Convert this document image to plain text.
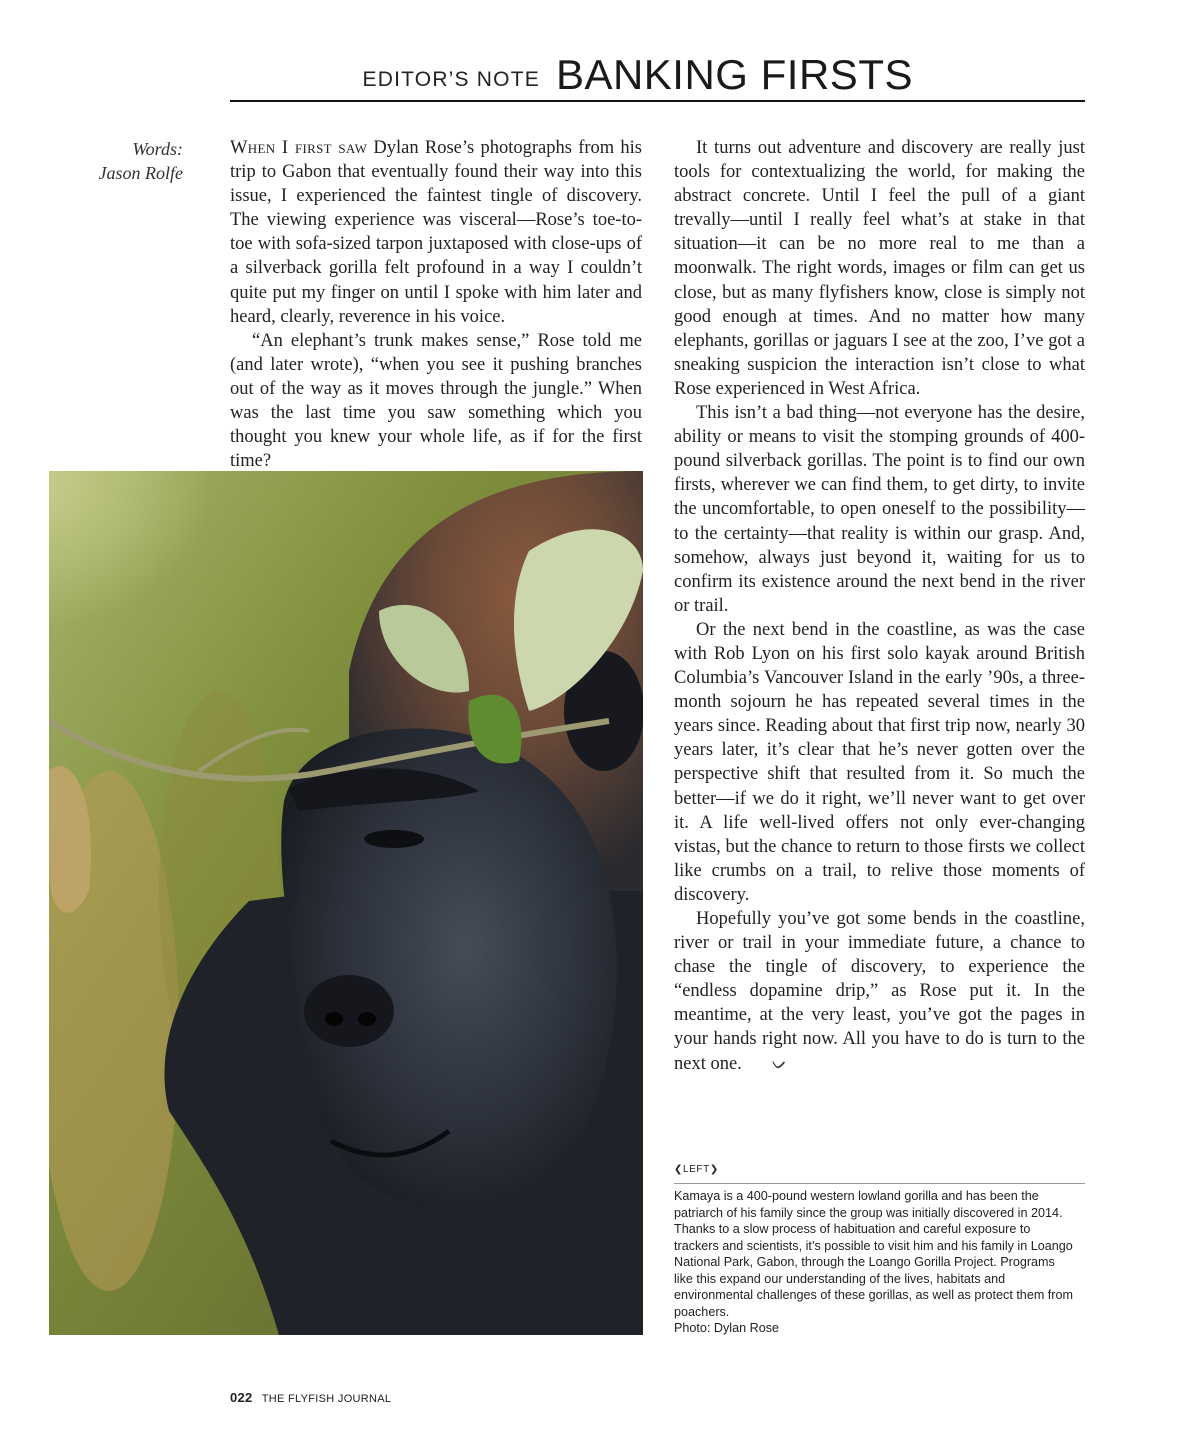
EDITOR’S NOTE BANKING FIRSTS
Words:
Jason Rolfe

When I first saw Dylan Rose’s photographs from his trip to Gabon that eventually found their way into this issue, I experienced the faintest tingle of discovery. The viewing experience was visceral—Rose’s toe-to-toe with sofa-sized tarpon juxtaposed with close-ups of a silverback gorilla felt profound in a way I couldn’t quite put my finger on until I spoke with him later and heard, clearly, reverence in his voice.

“An elephant’s trunk makes sense,” Rose told me (and later wrote), “when you see it pushing branches out of the way as it moves through the jungle.” When was the last time you saw something which you thought you knew your whole life, as if for the first time?

It turns out adventure and discovery are really just tools for contextualizing the world, for making the abstract concrete. Until I feel the pull of a giant trevally—until I really feel what’s at stake in that situation—it can be no more real to me than a moonwalk. The right words, images or film can get us close, but as many flyfishers know, close is simply not good enough at times. And no matter how many elephants, gorillas or jaguars I see at the zoo, I’ve got a sneaking suspicion the interaction isn’t close to what Rose experienced in West Africa.

This isn’t a bad thing—not everyone has the desire, ability or means to visit the stomping grounds of 400-pound silverback gorillas. The point is to find our own firsts, wherever we can find them, to get dirty, to invite the uncomfortable, to open oneself to the possibility—to the certainty—that reality is within our grasp. And, somehow, always just beyond it, waiting for us to confirm its existence around the next bend in the river or trail.

Or the next bend in the coastline, as was the case with Rob Lyon on his first solo kayak around British Columbia’s Vancouver Island in the early ’90s, a three-month sojourn he has repeated several times in the years since. Reading about that first trip now, nearly 30 years later, it’s clear that he’s never gotten over the perspective shift that resulted from it. So much the better—if we do it right, we’ll never want to get over it. A life well-lived offers not only ever-changing vistas, but the chance to return to those firsts we collect like crumbs on a trail, to relive those moments of discovery.

Hopefully you’ve got some bends in the coastline, river or trail in your immediate future, a chance to chase the tingle of discovery, to experience the “endless dopamine drip,” as Rose put it. In the meantime, at the very least, you’ve got the pages in your hands right now. All you have to do is turn to the next one. ᨆ

❮LEFT❯
Kamaya is a 400-pound western lowland gorilla and has been the patriarch of his family since the group was initially discovered in 2014. Thanks to a slow process of habituation and careful exposure to trackers and scientists, it’s possible to visit him and his family in Loango National Park, Gabon, through the Loango Gorilla Project. Programs like this expand our understanding of the lives, habitats and environmental challenges of these gorillas, as well as protect them from poachers.
Photo: Dylan Rose
022 THE FLYFISH JOURNAL
